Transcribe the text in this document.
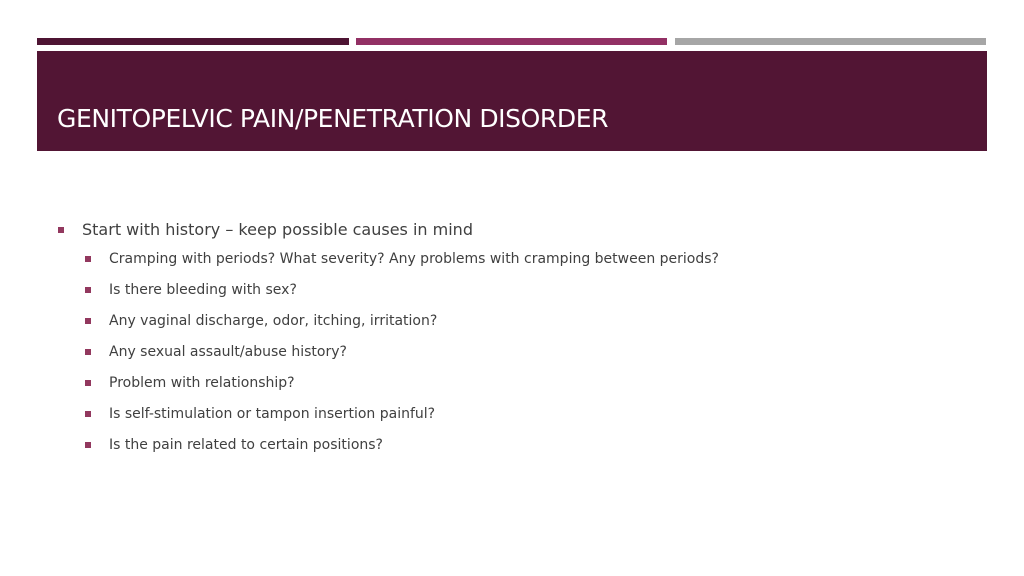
GENITOPELVIC PAIN/PENETRATION DISORDER
Start with history – keep possible causes in mind
Cramping with periods? What severity? Any problems with cramping between periods?
Is there bleeding with sex?
Any vaginal discharge, odor, itching, irritation?
Any sexual assault/abuse history?
Problem with relationship?
Is self-stimulation or tampon insertion painful?
Is the pain related to certain positions?
